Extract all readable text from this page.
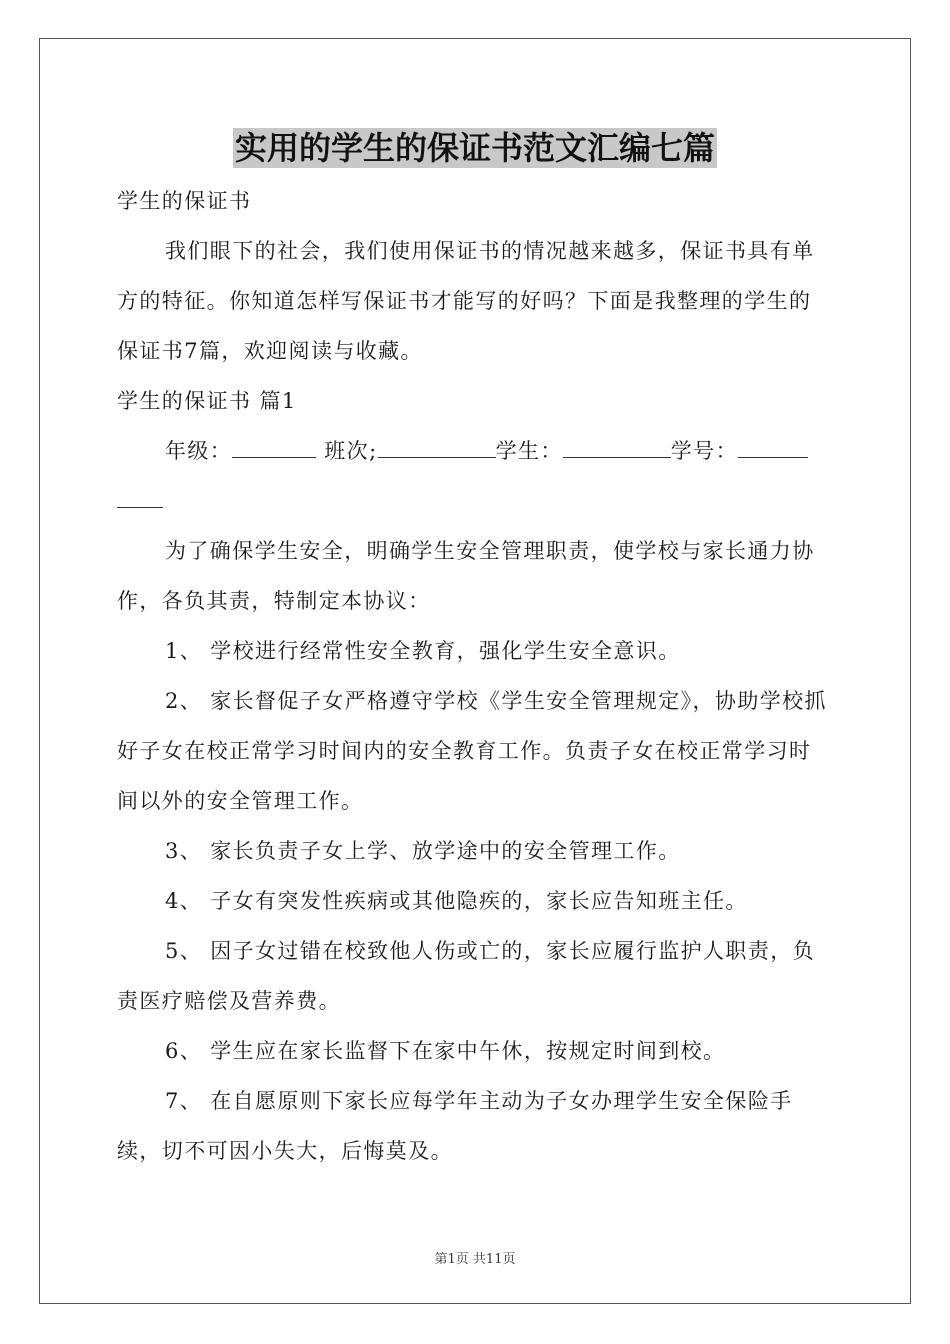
实用的学生的保证书范文汇编七篇

学生的保证书

我们眼下的社会，我们使用保证书的情况越来越多，保证书具有单方的特征。你知道怎样写保证书才能写的好吗？下面是我整理的学生的保证书7篇，欢迎阅读与收藏。

学生的保证书 篇1

年级：	班次;	学生：	学号：

为了确保学生安全，明确学生安全管理职责，使学校与家长通力协作，各负其责，特制定本协议：

1、 学校进行经常性安全教育，强化学生安全意识。

2、 家长督促子女严格遵守学校《学生安全管理规定》，协助学校抓好子女在校正常学习时间内的安全教育工作。负责子女在校正常学习时间以外的安全管理工作。

3、 家长负责子女上学、放学途中的安全管理工作。

4、 子女有突发性疾病或其他隐疾的，家长应告知班主任。

5、 因子女过错在校致他人伤或亡的，家长应履行监护人职责，负责医疗赔偿及营养费。

6、 学生应在家长监督下在家中午休，按规定时间到校。

7、 在自愿原则下家长应每学年主动为子女办理学生安全保险手续，切不可因小失大，后悔莫及。

第1页 共11页
